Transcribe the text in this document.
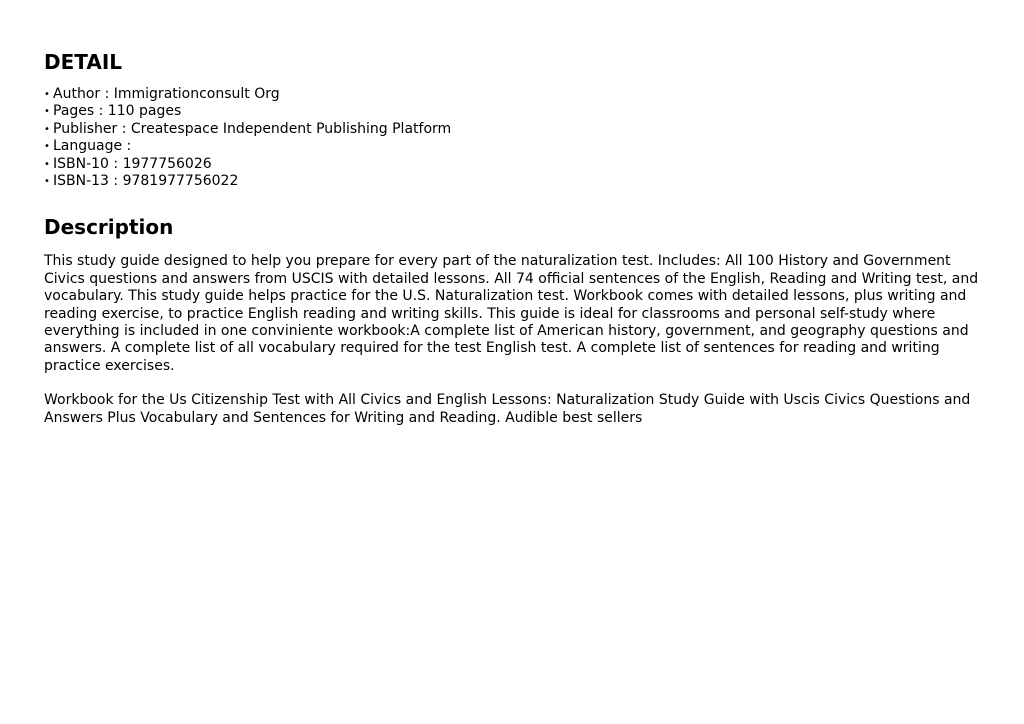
DETAIL
• Author : Immigrationconsult Org
• Pages : 110 pages
• Publisher : Createspace Independent Publishing Platform
• Language :
• ISBN-10 : 1977756026
• ISBN-13 : 9781977756022
Description

This study guide designed to help you prepare for every part of the naturalization test. Includes: All 100 History and Government Civics questions and answers from USCIS with detailed lessons. All 74 official sentences of the English, Reading and Writing test, and vocabulary. This study guide helps practice for the U.S. Naturalization test. Workbook comes with detailed lessons, plus writing and reading exercise, to practice English reading and writing skills. This guide is ideal for classrooms and personal self-study where everything is included in one conviniente workbook:A complete list of American history, government, and geography questions and answers. A complete list of all vocabulary required for the test English test. A complete list of sentences for reading and writing practice exercises.

Workbook for the Us Citizenship Test with All Civics and English Lessons: Naturalization Study Guide with Uscis Civics Questions and Answers Plus Vocabulary and Sentences for Writing and Reading. Audible best sellers
